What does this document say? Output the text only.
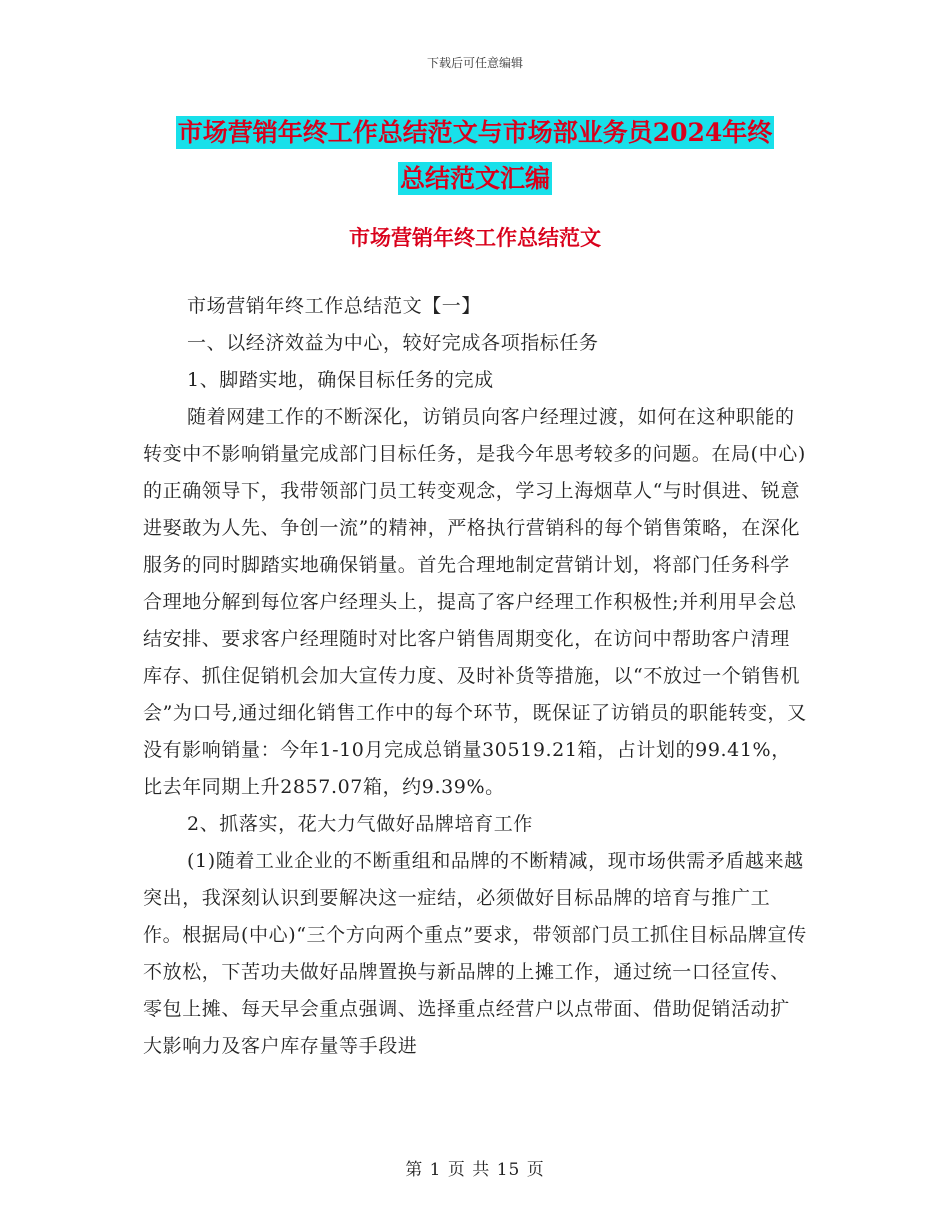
下载后可任意编辑
市场营销年终工作总结范文与市场部业务员2024年终
总结范文汇编
市场营销年终工作总结范文

市场营销年终工作总结范文【一】

一、以经济效益为中心，较好完成各项指标任务

1、脚踏实地，确保目标任务的完成

随着网建工作的不断深化，访销员向客户经理过渡，如何在这种职能的转变中不影响销量完成部门目标任务，是我今年思考较多的问题。在局(中心)的正确领导下，我带领部门员工转变观念，学习上海烟草人“与时俱进、锐意进娶敢为人先、争创一流”的精神，严格执行营销科的每个销售策略，在深化服务的同时脚踏实地确保销量。首先合理地制定营销计划，将部门任务科学合理地分解到每位客户经理头上，提高了客户经理工作积极性;并利用早会总结安排、要求客户经理随时对比客户销售周期变化，在访问中帮助客户清理库存、抓住促销机会加大宣传力度、及时补货等措施，以“不放过一个销售机会”为口号,通过细化销售工作中的每个环节，既保证了访销员的职能转变，又没有影响销量：今年1-10月完成总销量30519.21箱，占计划的99.41%，比去年同期上升2857.07箱，约9.39%。

2、抓落实，花大力气做好品牌培育工作

(1)随着工业企业的不断重组和品牌的不断精减，现市场供需矛盾越来越突出，我深刻认识到要解决这一症结，必须做好目标品牌的培育与推广工作。根据局(中心)“三个方向两个重点”要求，带领部门员工抓住目标品牌宣传不放松，下苦功夫做好品牌置换与新品牌的上摊工作，通过统一口径宣传、零包上摊、每天早会重点强调、选择重点经营户以点带面、借助促销活动扩大影响力及客户库存量等手段进

第 1 页 共 15 页
